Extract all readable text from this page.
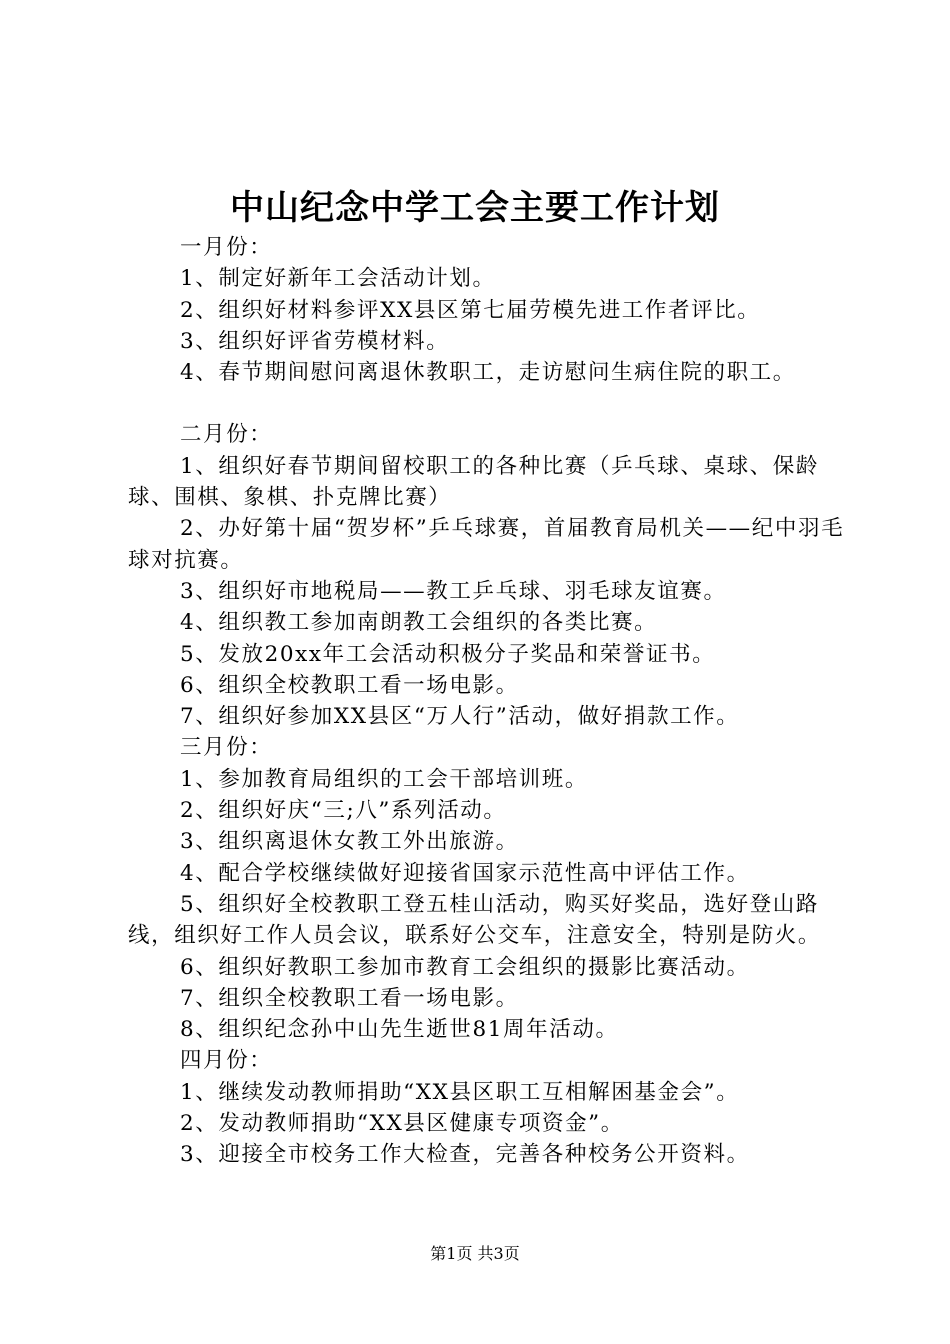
中山纪念中学工会主要工作计划

一月份：

1、制定好新年工会活动计划。

2、组织好材料参评XX县区第七届劳模先进工作者评比。

3、组织好评省劳模材料。

4、春节期间慰问离退休教职工，走访慰问生病住院的职工。

二月份：

1、组织好春节期间留校职工的各种比赛（乒乓球、桌球、保龄球、围棋、象棋、扑克牌比赛）

2、办好第十届“贺岁杯”乒乓球赛，首届教育局机关——纪中羽毛球对抗赛。

3、组织好市地税局——教工乒乓球、羽毛球友谊赛。

4、组织教工参加南朗教工会组织的各类比赛。

5、发放20xx年工会活动积极分子奖品和荣誉证书。

6、组织全校教职工看一场电影。

7、组织好参加XX县区“万人行”活动，做好捐款工作。

三月份：

1、参加教育局组织的工会干部培训班。

2、组织好庆“三;八”系列活动。

3、组织离退休女教工外出旅游。

4、配合学校继续做好迎接省国家示范性高中评估工作。

5、组织好全校教职工登五桂山活动，购买好奖品，选好登山路线，组织好工作人员会议，联系好公交车，注意安全，特别是防火。

6、组织好教职工参加市教育工会组织的摄影比赛活动。

7、组织全校教职工看一场电影。

8、组织纪念孙中山先生逝世81周年活动。

四月份：

1、继续发动教师捐助“XX县区职工互相解困基金会”。

2、发动教师捐助“XX县区健康专项资金”。

3、迎接全市校务工作大检查，完善各种校务公开资料。

第1页 共3页
